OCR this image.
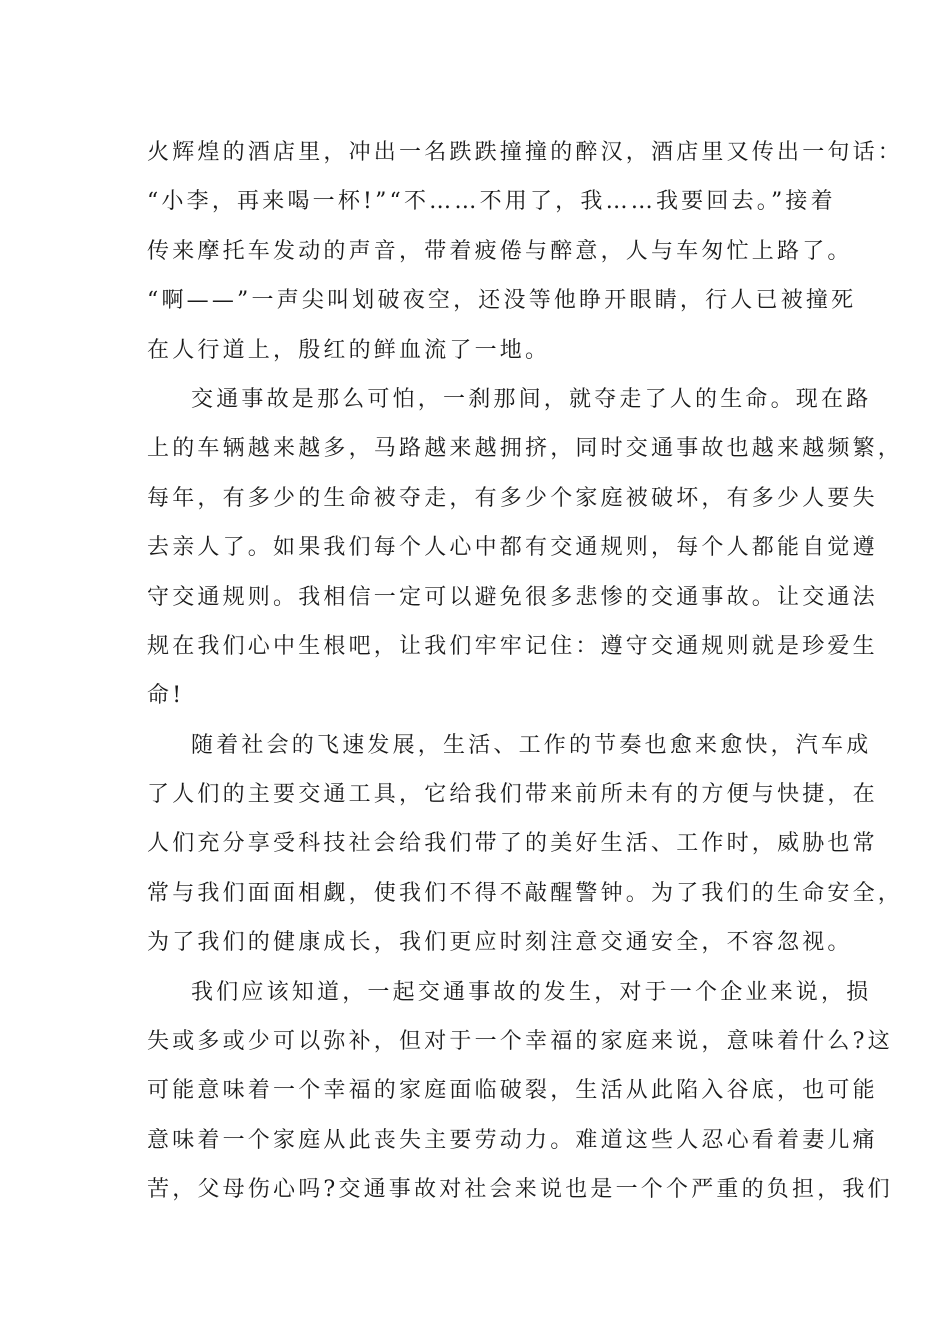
火辉煌的酒店里，冲出一名跌跌撞撞的醉汉，酒店里又传出一句话：
“小李，再来喝一杯!”“不……不用了，我……我要回去。”接着
传来摩托车发动的声音，带着疲倦与醉意，人与车匆忙上路了。
“啊——”一声尖叫划破夜空，还没等他睁开眼睛，行人已被撞死
在人行道上，殷红的鲜血流了一地。
交通事故是那么可怕，一刹那间，就夺走了人的生命。现在路
上的车辆越来越多，马路越来越拥挤，同时交通事故也越来越频繁，
每年，有多少的生命被夺走，有多少个家庭被破坏，有多少人要失
去亲人了。如果我们每个人心中都有交通规则，每个人都能自觉遵
守交通规则。我相信一定可以避免很多悲惨的交通事故。让交通法
规在我们心中生根吧，让我们牢牢记住：遵守交通规则就是珍爱生
命!
随着社会的飞速发展，生活、工作的节奏也愈来愈快，汽车成
了人们的主要交通工具，它给我们带来前所未有的方便与快捷，在
人们充分享受科技社会给我们带了的美好生活、工作时，威胁也常
常与我们面面相觑，使我们不得不敲醒警钟。为了我们的生命安全，
为了我们的健康成长，我们更应时刻注意交通安全，不容忽视。
我们应该知道，一起交通事故的发生，对于一个企业来说，损
失或多或少可以弥补，但对于一个幸福的家庭来说，意味着什么?这
可能意味着一个幸福的家庭面临破裂，生活从此陷入谷底，也可能
意味着一个家庭从此丧失主要劳动力。难道这些人忍心看着妻儿痛
苦，父母伤心吗?交通事故对社会来说也是一个个严重的负担，我们
